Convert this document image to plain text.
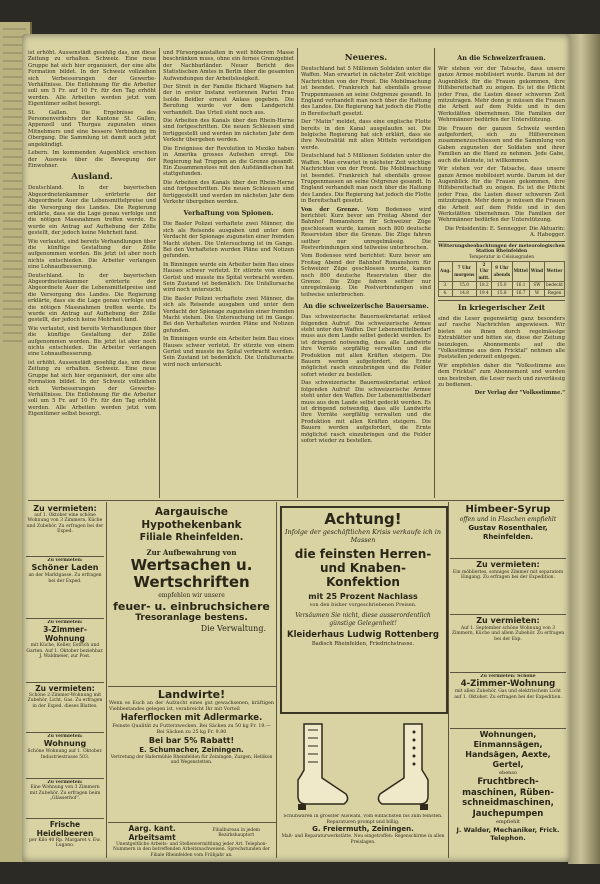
ist erhöht. Aussenstädt gesehlig das, um diese Zeitung zu erhalten. Schweiz. Eine neue Gruppe hat sich hier organisiert, der eine alte Formation bildet. In der Schweiz vollziehen sich Verbesserungen der Gewerbe-Verhältnisse. Die Entlohnung für die Arbeiter soll um 5 Fr. auf 10 Fr. für den Tag erhöht werden. Alle Arbeiten werden jetzt vom Eigentümer selbst besorgt.

St. Gallen. Die Ergebnisse des Personenverkehrs der Kantone St. Gallen, Appenzell und Thurgau zugunsten eines Mitnehmers und eine bessere Verbindung im Obergang. Die Sammlung ist damit auch jetzt angekündigt.

Lebern. Im kommenden Augenblick erschien der Ausweis über die Bewegung der Einwohner.

Ausland.

Deutschland. In der bayerischen Abgeordnetenkammer erörterte der Abgeordnete Auer die Lebensmittelpreise und die Versorgung des Landes. Die Regierung erklärte, dass sie die Lage genau verfolge und die nötigen Massnahmen treffen werde. Es wurde ein Antrag auf Aufhebung der Zölle gestellt, der jedoch keine Mehrheit fand.

Wie verlautet, sind bereits Verhandlungen über die künftige Gestaltung der Zölle aufgenommen worden. Bis jetzt ist aber noch nichts entschieden. Die Arbeiter verlangen eine Lohnaufbesserung.

Deutschland. In der bayerischen Abgeordnetenkammer erörterte der Abgeordnete Auer die Lebensmittelpreise und die Versorgung des Landes. Die Regierung erklärte, dass sie die Lage genau verfolge und die nötigen Massnahmen treffen werde. Es wurde ein Antrag auf Aufhebung der Zölle gestellt, der jedoch keine Mehrheit fand.

Wie verlautet, sind bereits Verhandlungen über die künftige Gestaltung der Zölle aufgenommen worden. Bis jetzt ist aber noch nichts entschieden. Die Arbeiter verlangen eine Lohnaufbesserung.

ist erhöht. Aussenstädt gesehlig das, um diese Zeitung zu erhalten. Schweiz. Eine neue Gruppe hat sich hier organisiert, der eine alte Formation bildet. In der Schweiz vollziehen sich Verbesserungen der Gewerbe-Verhältnisse. Die Entlohnung für die Arbeiter soll um 5 Fr. auf 10 Fr. für den Tag erhöht werden. Alle Arbeiten werden jetzt vom Eigentümer selbst besorgt.

und Fürsorgeanstalten in weit höherem Masse beschränken muss, ohne ein fernes Grenzgebiet der Nachbarländer. Neuer Bericht des Statistischen Amtes in Berlin über die gesamten Aufwendungen der Arbeitslosigkeit.

Der Streit in der Familie Richard Wagners hat der in erster Instanz verlorenen Partei Frau Isolde Beidler erneut Anlass gegeben. Die Berufung wurde vor dem Landgericht verhandelt. Das Urteil steht noch aus.

Die Arbeiten des Kanals über den Rhein-Herne sind fortgeschritten. Die neuen Schleusen sind fertiggestellt und werden im nächsten Jahr dem Verkehr übergeben werden.

Die Ereignisse der Revolution in Mexiko haben in Amerika grosses Aufsehen erregt. Die Regierung hat Truppen an die Grenze gesandt. Ein Zusammenstoss mit den Aufständischen hat stattgefunden.

Die Arbeiten des Kanals über den Rhein-Herne sind fortgeschritten. Die neuen Schleusen sind fertiggestellt und werden im nächsten Jahr dem Verkehr übergeben werden.

Verhaftung von Spionen.

Die Basler Polizei verhaftete zwei Männer, die sich als Reisende ausgaben und unter dem Verdacht der Spionage zugunsten einer fremden Macht stehen. Die Untersuchung ist im Gange. Bei den Verhafteten wurden Pläne und Notizen gefunden.

In Binningen wurde ein Arbeiter beim Bau eines Hauses schwer verletzt. Er stürzte von einem Gerüst und musste ins Spital verbracht werden. Sein Zustand ist bedenklich. Die Unfallursache wird noch untersucht.

Die Basler Polizei verhaftete zwei Männer, die sich als Reisende ausgaben und unter dem Verdacht der Spionage zugunsten einer fremden Macht stehen. Die Untersuchung ist im Gange. Bei den Verhafteten wurden Pläne und Notizen gefunden.

In Binningen wurde ein Arbeiter beim Bau eines Hauses schwer verletzt. Er stürzte von einem Gerüst und musste ins Spital verbracht werden. Sein Zustand ist bedenklich. Die Unfallursache wird noch untersucht.

Neueres.

Deutschland hat 5 Millionen Soldaten unter die Waffen. Man erwartet in nächster Zeit wichtige Nachrichten von der Front. Die Mobilmachung ist beendet. Frankreich hat ebenfalls grosse Truppenmassen an seine Ostgrenze gesandt. In England verhandelt man noch über die Haltung des Landes. Die Regierung hat jedoch die Flotte in Bereitschaft gesetzt.

Der "Matin" meldet, dass eine englische Flotte bereits in den Kanal ausgelaufen sei. Die belgische Regierung hat sich erklärt, dass sie ihre Neutralität mit allen Mitteln verteidigen werde.

Deutschland hat 5 Millionen Soldaten unter die Waffen. Man erwartet in nächster Zeit wichtige Nachrichten von der Front. Die Mobilmachung ist beendet. Frankreich hat ebenfalls grosse Truppenmassen an seine Ostgrenze gesandt. In England verhandelt man noch über die Haltung des Landes. Die Regierung hat jedoch die Flotte in Bereitschaft gesetzt.

Von der Grenze. Vom Bodensee wird berichtet: Kurz bevor am Freitag Abend der Bahnhof Romanshorn für Schweizer Züge geschlossen wurde, kamen noch 800 deutsche Reservisten über die Grenze. Die Züge fahren seither nur unregelmässig. Die Postverbindungen sind teilweise unterbrochen.

Vom Bodensee wird berichtet: Kurz bevor am Freitag Abend der Bahnhof Romanshorn für Schweizer Züge geschlossen wurde, kamen noch 800 deutsche Reservisten über die Grenze. Die Züge fahren seither nur unregelmässig. Die Postverbindungen sind teilweise unterbrochen.

An die schweizerische Bauersame.

Das schweizerische Bauernsekretariat erlässt folgenden Aufruf: Die schweizerische Armee steht unter den Waffen. Der Lebensmittelbedarf muss aus dem Lande selbst gedeckt werden. Es ist dringend notwendig, dass alle Landwirte ihre Vorräte sorgfältig verwalten und die Produktion mit allen Kräften steigern. Die Bauern werden aufgefordert, die Ernte möglichst rasch einzubringen und die Felder sofort wieder zu bestellen.

Das schweizerische Bauernsekretariat erlässt folgenden Aufruf: Die schweizerische Armee steht unter den Waffen. Der Lebensmittelbedarf muss aus dem Lande selbst gedeckt werden. Es ist dringend notwendig, dass alle Landwirte ihre Vorräte sorgfältig verwalten und die Produktion mit allen Kräften steigern. Die Bauern werden aufgefordert, die Ernte möglichst rasch einzubringen und die Felder sofort wieder zu bestellen.

An die Schweizerfrauen.

Wir stehen vor der Tatsache, dass unsere ganze Armee mobilisiert wurde. Darum ist der Augenblick für die Frauen gekommen, ihre Hilfsbereitschaft zu zeigen. Es ist die Pflicht jeder Frau, die Lasten dieser schweren Zeit mitzutragen. Mehr denn je müssen die Frauen die Arbeit auf dem Felde und in den Werkstätten übernehmen. Die Familien der Wehrmänner bedürfen der Unterstützung.

Die Frauen der ganzen Schweiz werden aufgefordert, sich zu Hilfsvereinen zusammenzuschliessen und die Sammlung von Gaben zugunsten der Soldaten und ihrer Familien an die Hand zu nehmen. Jede Gabe, auch die kleinste, ist willkommen.

Wir stehen vor der Tatsache, dass unsere ganze Armee mobilisiert wurde. Darum ist der Augenblick für die Frauen gekommen, ihre Hilfsbereitschaft zu zeigen. Es ist die Pflicht jeder Frau, die Lasten dieser schweren Zeit mitzutragen. Mehr denn je müssen die Frauen die Arbeit auf dem Felde und in den Werkstätten übernehmen. Die Familien der Wehrmänner bedürfen der Unterstützung.

Die Präsidentin: E. Sennegger. Die Aktuarin: A. Habegger.

Witterungsbeobachtungen der meteorologischen Station Rheinfelden
Temperatur in Celsiusgraden
Aug.	7 Uhr morgens	2 Uhr mitt.	9 Uhr abends	Mittel	Wind	Wetter
3.	15.0	18.2	15.0	16.1	SW	bedeckt
4.	14.8	19.4	15.8	16.7	W	Regen
In kriegerischer Zeit

sind die Leser gegenwärtig ganz besonders auf rasche Nachrichten angewiesen. Wir bieten sie ihnen durch regelmässige Extrablätter und bitten sie, diese der Zeitung beizulegen. Abonnements auf die "Volksstimme aus dem Fricktal" nehmen alle Poststellen jederzeit entgegen.

Wir empfehlen daher die "Volksstimme aus dem Fricktal" zum Abonnement und werden uns bestreben, die Leser rasch und zuverlässig zu bedienen.

Der Verlag der "Volksstimme."

Zu vermieten:
auf 1. Oktober eine schöne Wohnung von 3 Zimmern, Küche und Zubehör. Zu erfragen bei der Exped.
Zu vermieten:
Schöner Laden
an der Marktgasse. Zu erfragen bei der Exped.
Zu vermieten:
3-Zimmer-Wohnung
mit Küche, Keller, Estrich und Garten. Auf 1. Oktober beziehbar. J. Waldmeier, zur Post.
Zu vermieten:
Schöne 2-Zimmer-Wohnung mit Zubehör, Licht, Gas. Zu erfragen in der Exped. dieses Blattes.
Zu vermieten:
Wohnung
Schöne Wohnung auf 1. Oktober. Industriestrasse 503.
Zu vermieten:
Eine Wohnung von 3 Zimmern mit Zubehör. Zu erfragen beim „Glässerhof“.
Frische Heidelbeeren
per Kilo 40 Rp. Margaret v. Ew. Lugano.
Aargauische Hypothekenbank
Filiale Rheinfelden.
Zur Aufbewahrung von
Wertsachen u. Wertschriften
empfehlen wir unsere
feuer- u. einbruchsichere
Tresoranlage bestens.
Die Verwaltung.
Landwirte!
Wenn es Euch an der Aufzucht eines gut gewachsenen, kräftigen Viehbestandes gelegen ist, verabreicht Ihr mit Vorteil
Haferflocken mit Adlermarke.
Feinste Qualität zu Futterzwecken. Bei Säcken zu 50 kg Fr. 19.— Bei Säcken zu 25 kg Fr. 9.80
Bei bar 5% Rabatt!
E. Schumacher, Zeiningen.
Vertretung der Hafermühle Rheinfelden für Zeiningen, Zuzgen, Hellikon und Wegenstetten.
Aarg. kant. Arbeitsamt
Filialbureau in jedem Bezirkshauptort
Unentgeltliche Arbeits- und Stellenvermittlung jeder Art. Telephon-Nummern in den betreffenden Arbeitsnachweisen. Sprechstunden der Filiale Rheinfelden vom Frühjahr an.
Achtung!
Infolge der geschäftlichen Krisis verkaufe ich in Massen
die feinsten Herren- und Knaben-Konfektion
mit 25 Prozent Nachlass
von den bisher vorgeschriebenen Preisen.
Versäumen Sie nicht, diese ausserordentlich günstige Gelegenheit!
Kleiderhaus Ludwig Rottenberg
Badisch Rheinfelden, Friedrichstrasse.
Schuhwaren in grösster Auswahl, vom einfachsten bis zum feinsten. Reparaturen prompt und billig.
G. Freiermuth, Zeiningen.
Maß- und Reparaturwerkstätte. Neu eingetroffen: Regenschirme in allen Preislagen.
Himbeer-Syrup
offen und in Flaschen empfiehlt
Gustav Rosenthaler, Rheinfelden.
Zu vermieten:
Ein möbliertes, sonniges Zimmer mit separatem Eingang. Zu erfragen bei der Expedition.
Zu vermieten:
Auf 1. September schöne Wohnung von 3 Zimmern, Küche und allem Zubehör. Zu erfragen bei der Exp.
Zu vermieten: Schöne
4-Zimmer-Wohnung
mit allen Zubehör, Gas und elektrischem Licht auf 1. Oktober. Zu erfragen bei der Expedition.
Wohnungen, Einmannsägen, Handsägen, Aexte, Gertel,
ebenso
Fruchtbrech-maschinen, Rüben-schneidmaschinen, Jauchepumpen
empfiehlt
J. Walder, Mechaniker, Frick. Telephon.
